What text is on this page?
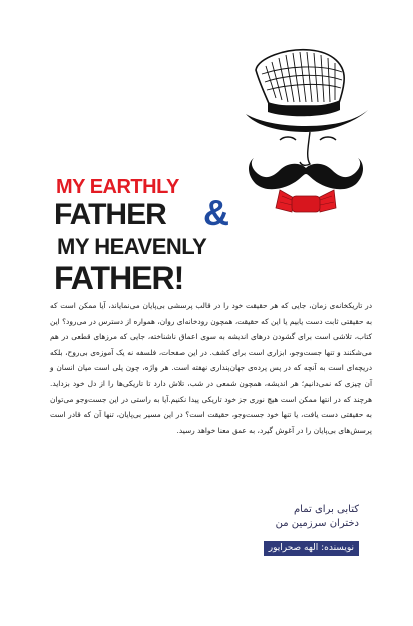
MY EARTHLY
FATHER &
MY HEAVENLY
FATHER!

در تاریکخانه‌ی زمان، جایی که هر حقیقت خود را در قالب پرسشی بی‌پایان می‌نمایاند، آیا ممکن است که به حقیقتی ثابت دست یابیم یا این که حقیقت، همچون رودخانه‌ای روان، همواره از دسترس در می‌رود؟ این کتاب، تلاشی است برای گشودن درهای اندیشه به سوی اعماق ناشناخته، جایی که مرزهای قطعی در هم می‌شکنند و تنها جست‌وجو، ابزاری است برای کشف. در این صفحات، فلسفه نه یک آموزه‌ی بی‌روح، بلکه دریچه‌ای است به آنچه که در پس پرده‌ی جهان‌پنداری نهفته است. هر واژه، چون پلی است میان انسان و آن چیزی که نمی‌دانیم؛ هر اندیشه، همچون شمعی در شب، تلاش دارد تا تاریکی‌ها را از دل خود بزداید. هرچند که در انتها ممکن است هیچ نوری جز خود تاریکی پیدا نکنیم.آیا به راستی در این جست‌وجو می‌توان به حقیقتی دست یافت، یا تنها خود جست‌وجو، حقیقت است؟ در این مسیر بی‌پایان، تنها آن که قادر است پرسش‌های بی‌پایان را در آغوش گیرد، به عمق معنا خواهد رسید.

کتابی برای تمام
دختران سرزمین من
نویسنده: الهه صحرایور
